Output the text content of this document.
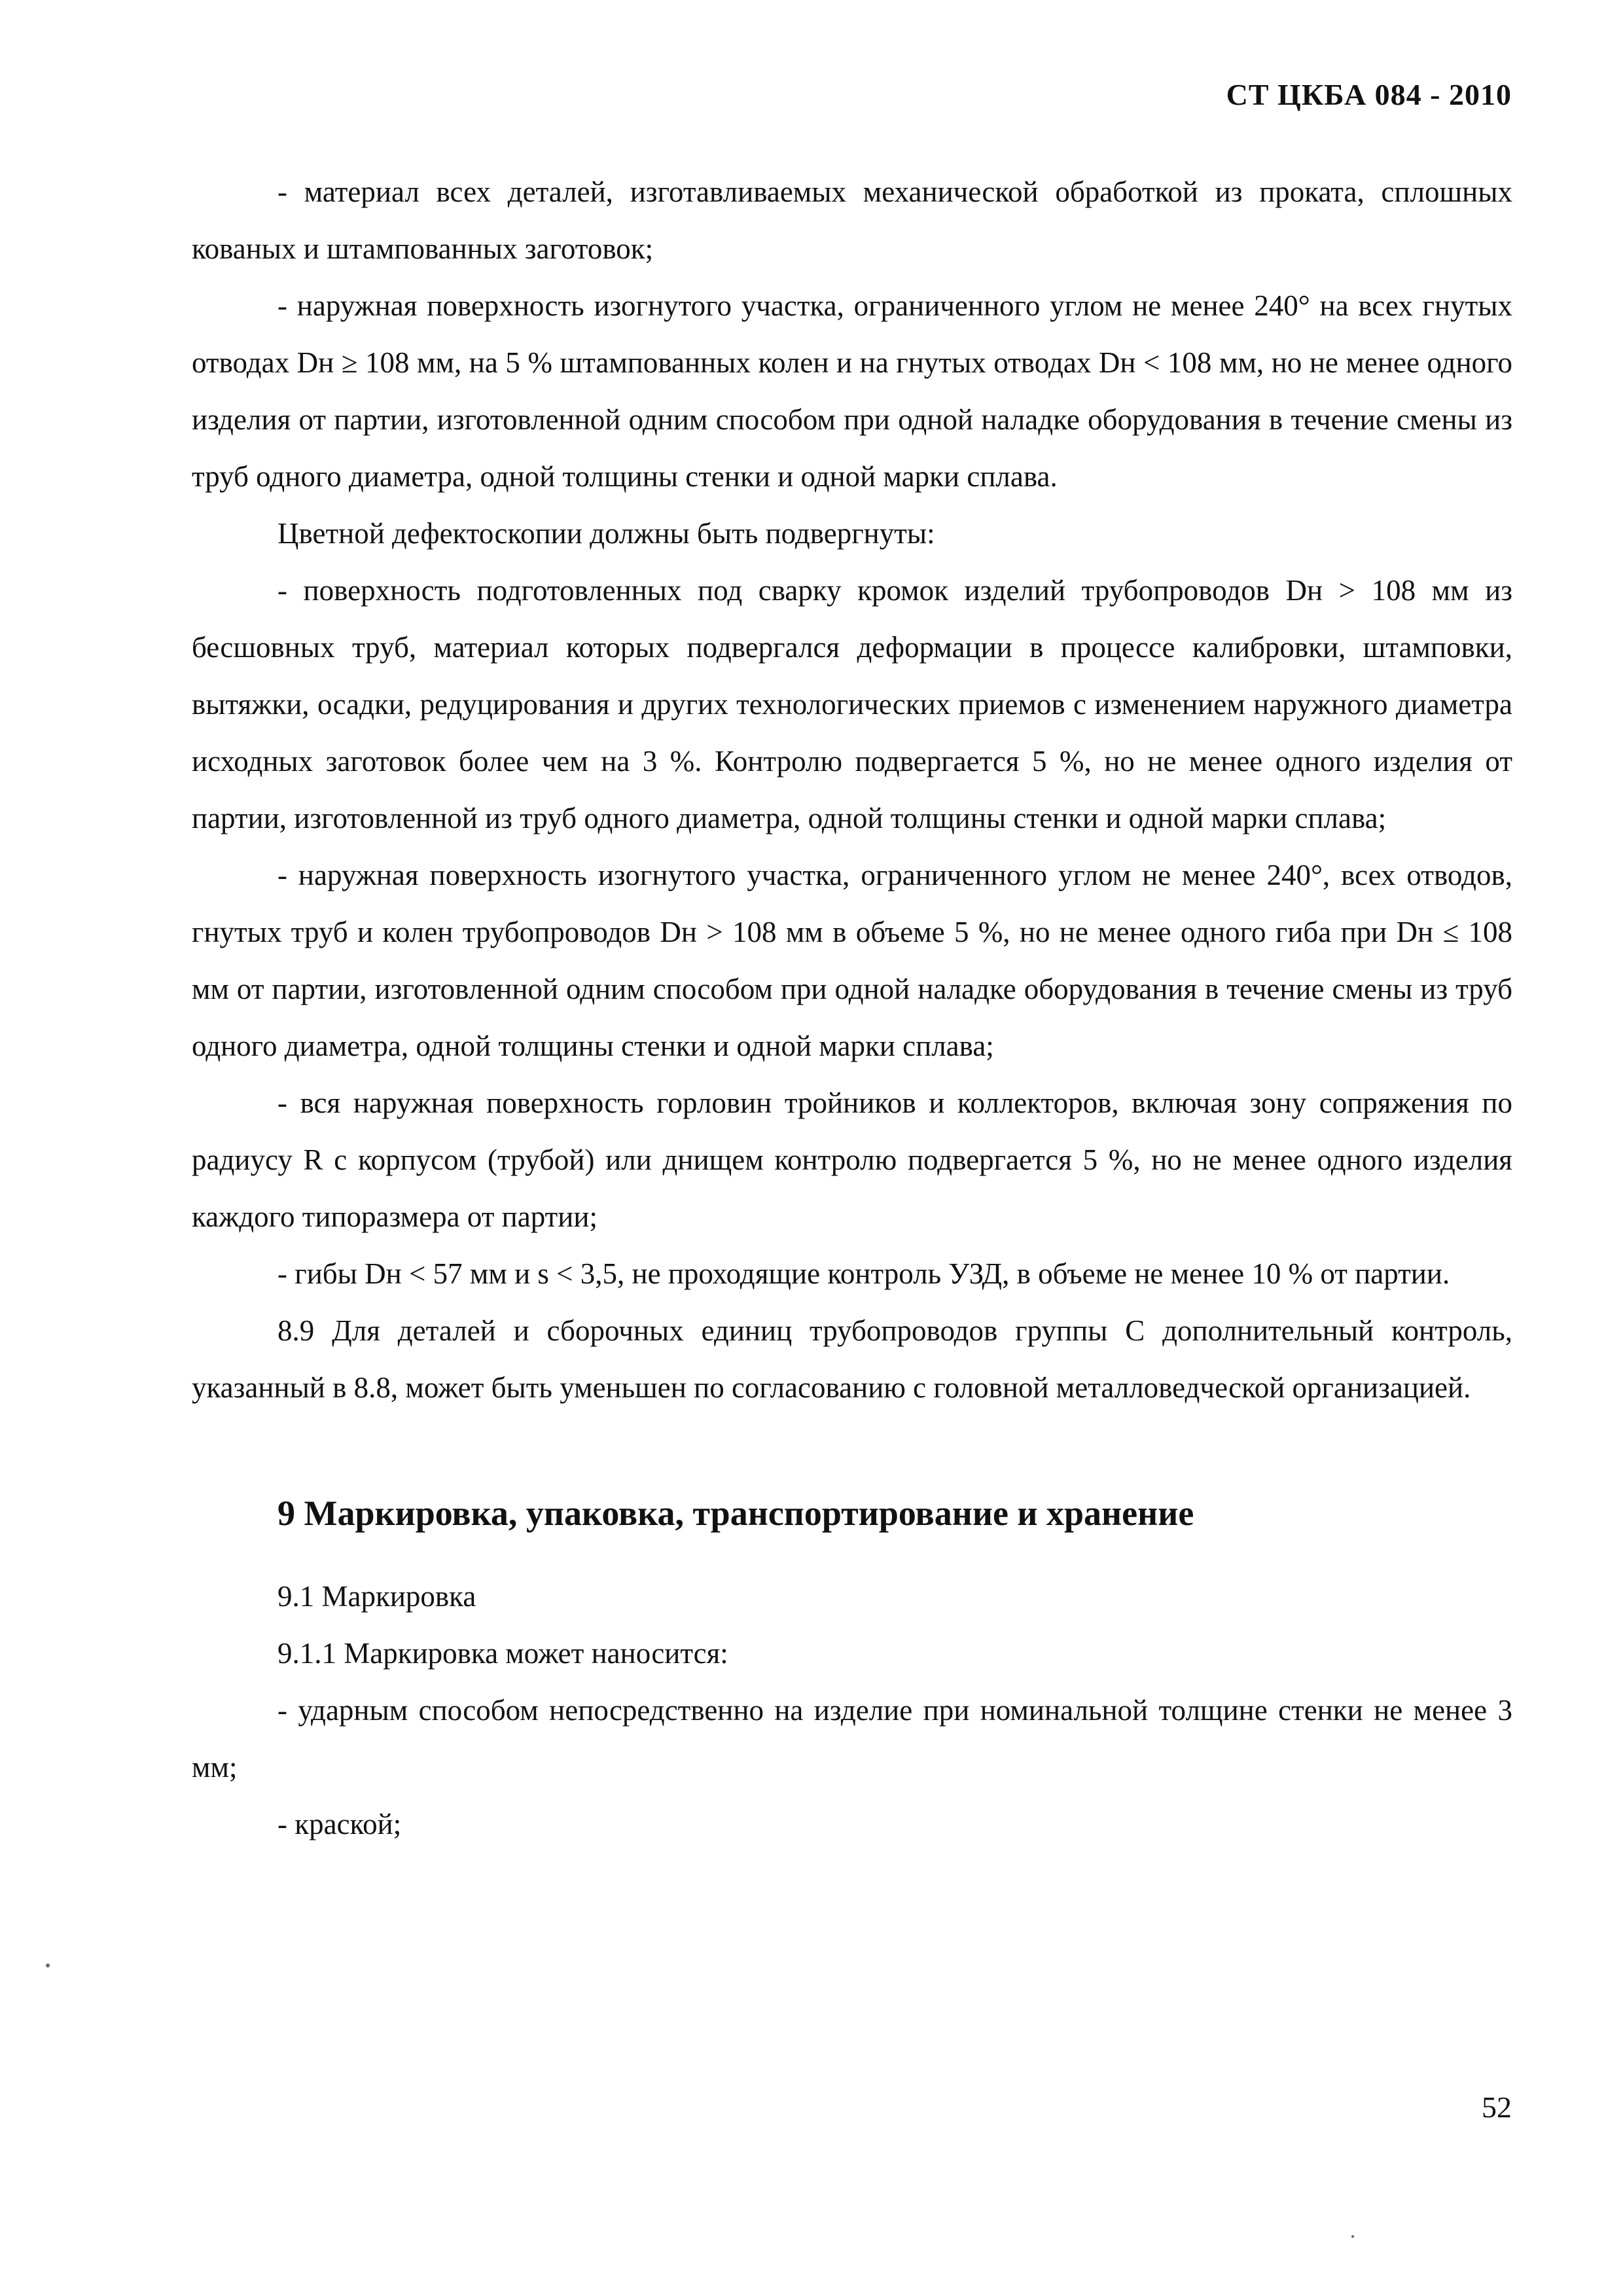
СТ ЦКБА 084 - 2010

- материал всех деталей, изготавливаемых механической обработкой из проката, сплошных кованых и штампованных заготовок;

- наружная поверхность изогнутого участка, ограниченного углом не менее 240° на всех гнутых отводах Dн ≥ 108 мм, на 5 % штампованных колен и на гнутых отводах Dн < 108 мм, но не менее одного изделия от партии, изготовленной одним способом при одной наладке оборудования в течение смены из труб одного диаметра, одной толщины стенки и одной марки сплава.

Цветной дефектоскопии должны быть подвергнуты:

- поверхность подготовленных под сварку кромок изделий трубопроводов Dн > 108 мм из бесшовных труб, материал которых подвергался деформации в процессе калибровки, штамповки, вытяжки, осадки, редуцирования и других технологических приемов с изменением наружного диаметра исходных заготовок более чем на 3 %. Контролю подвергается 5 %, но не менее одного изделия от партии, изготовленной из труб одного диаметра, одной толщины стенки и одной марки сплава;

- наружная поверхность изогнутого участка, ограниченного углом не менее 240°, всех отводов, гнутых труб и колен трубопроводов Dн > 108 мм в объеме 5 %, но не менее одного гиба при Dн ≤ 108 мм от партии, изготовленной одним способом при одной наладке оборудования в течение смены из труб одного диаметра, одной толщины стенки и одной марки сплава;

- вся наружная поверхность горловин тройников и коллекторов, включая зону сопряжения по радиусу R с корпусом (трубой) или днищем контролю подвергается 5 %, но не менее одного изделия каждого типоразмера от партии;

- гибы Dн < 57 мм и s < 3,5, не проходящие контроль УЗД, в объеме не менее 10 % от партии.

8.9 Для деталей и сборочных единиц трубопроводов группы С дополнительный контроль, указанный в 8.8, может быть уменьшен по согласованию с головной металловедческой организацией.

9 Маркировка, упаковка, транспортирование и хранение

9.1 Маркировка

9.1.1 Маркировка может наносится:

- ударным способом непосредственно на изделие при номинальной толщине стенки не менее 3 мм;

- краской;

52
